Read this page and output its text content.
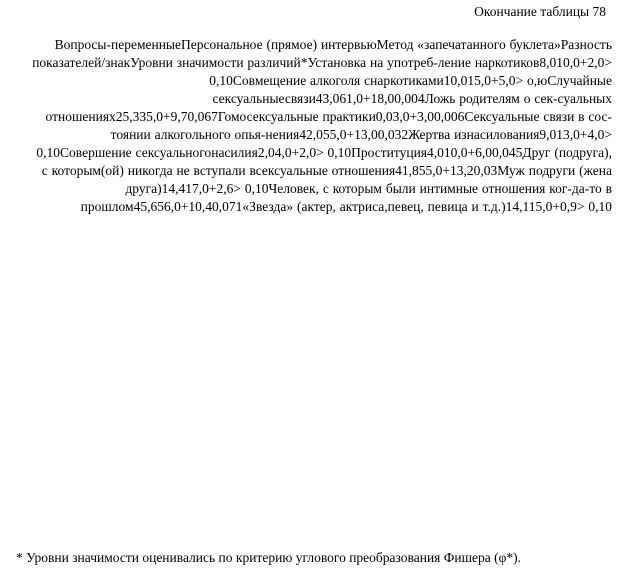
Окончание таблицы 78
Вопросы-переменныеПерсональное (прямое) интервьюМетод «запечатанного буклета»Разность показателей/знакУровни значимости различий*Установка на употреб-ление наркотиков8,010,0+2,0> 0,10Совмещение алкоголя снаркотиками10,015,0+5,0> о,юСлучайные сексуальныесвязи43,061,0+18,00,004Ложь родителям о сек-суальных отношениях25,335,0+9,70,067Гомосексуальные практики0,03,0+3,00,006Сексуальные связи в сос-тоянии алкогольного опья-нения42,055,0+13,00,032Жертва изнасилования9,013,0+4,0> 0,10Совершение сексуальногонасилия2,04,0+2,0> 0,10Проституция4,010,0+6,00,045Друг (подруга), с которым(ой) никогда не вступали всексуальные отношения41,855,0+13,20,03Муж подруги (жена друга)14,417,0+2,6> 0,10Человек, с которым были интимные отношения ког-да-то в прошлом45,656,0+10,40,071«Звезда» (актер, актриса,певец, певица и т.д.)14,115,0+0,9> 0,10
* Уровни значимости оценивались по критерию углового преобразования Фишера (φ*).
